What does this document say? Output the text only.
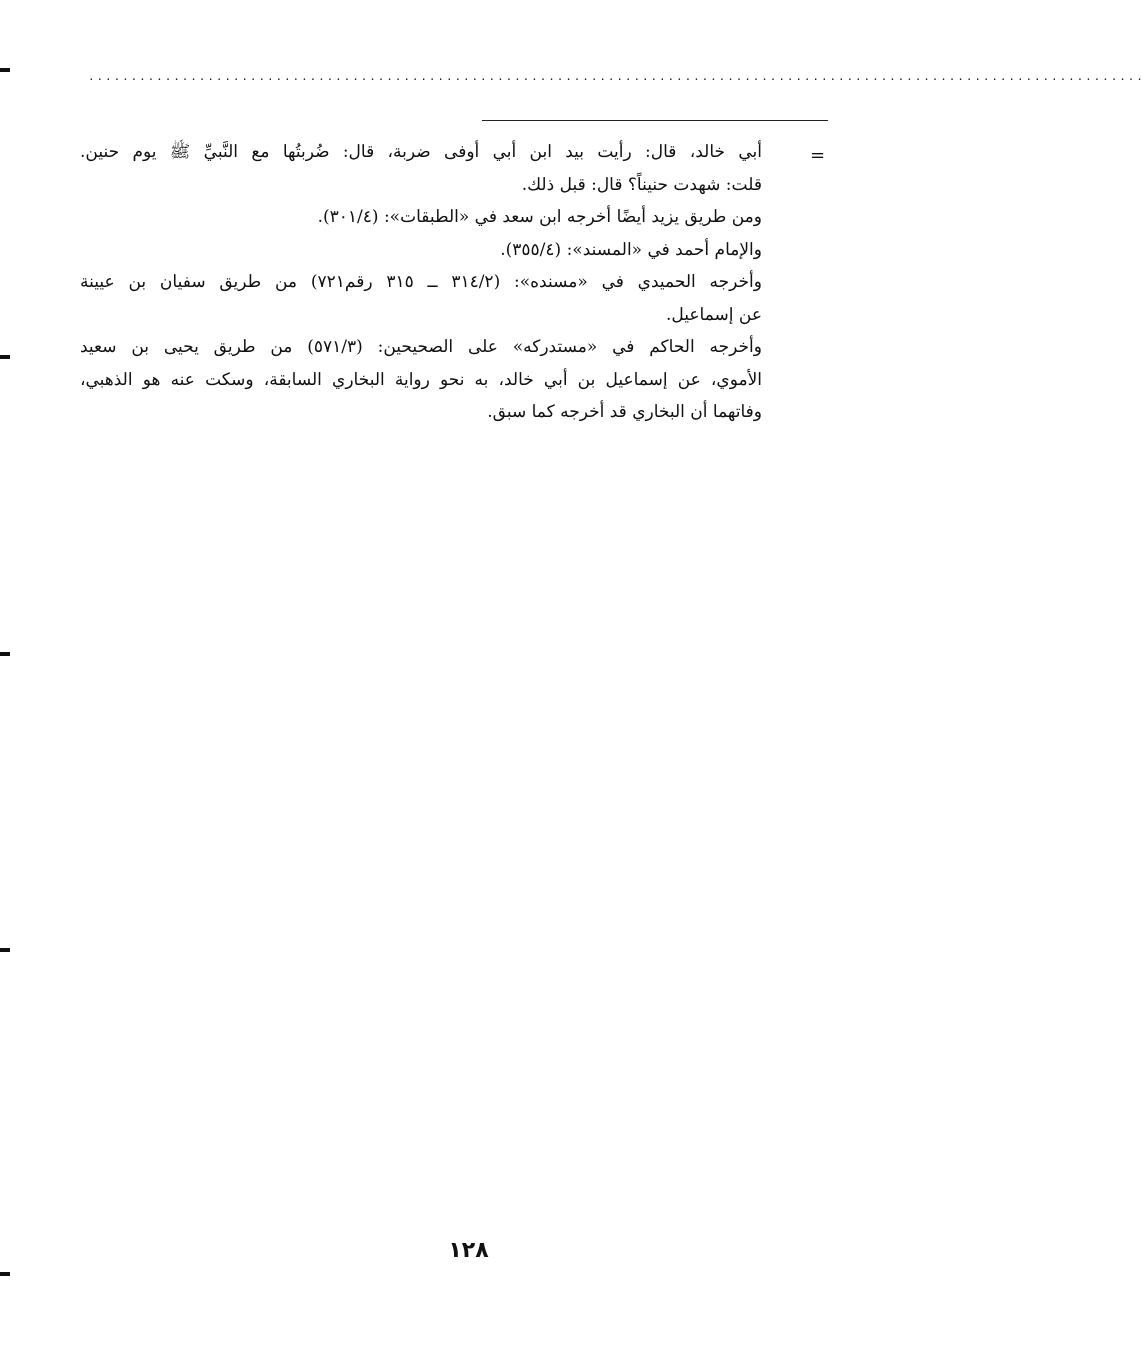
............................................................................................................................
=
أبي خالد، قال: رأيت بيد ابن أبي أوفى ضربة، قال: ضُربتُها مع النَّبيِّ ﷺ يوم حنين.
قلت: شهدت حنيناً؟ قال: قبل ذلك.
ومن طريق يزيد أيضًا أخرجه ابن سعد في «الطبقات»: (٣٠١/٤).
والإمام أحمد في «المسند»: (٣٥٥/٤).
وأخرجه الحميدي في «مسنده»: (٣١٤/٢ ــ ٣١٥ رقم٧٢١) من طريق سفيان بن عيينة
عن إسماعيل.
وأخرجه الحاكم في «مستدركه» على الصحيحين: (٥٧١/٣) من طريق يحيى بن سعيد
الأموي، عن إسماعيل بن أبي خالد، به نحو رواية البخاري السابقة، وسكت عنه هو الذهبي،
وفاتهما أن البخاري قد أخرجه كما سبق.
١٢٨
